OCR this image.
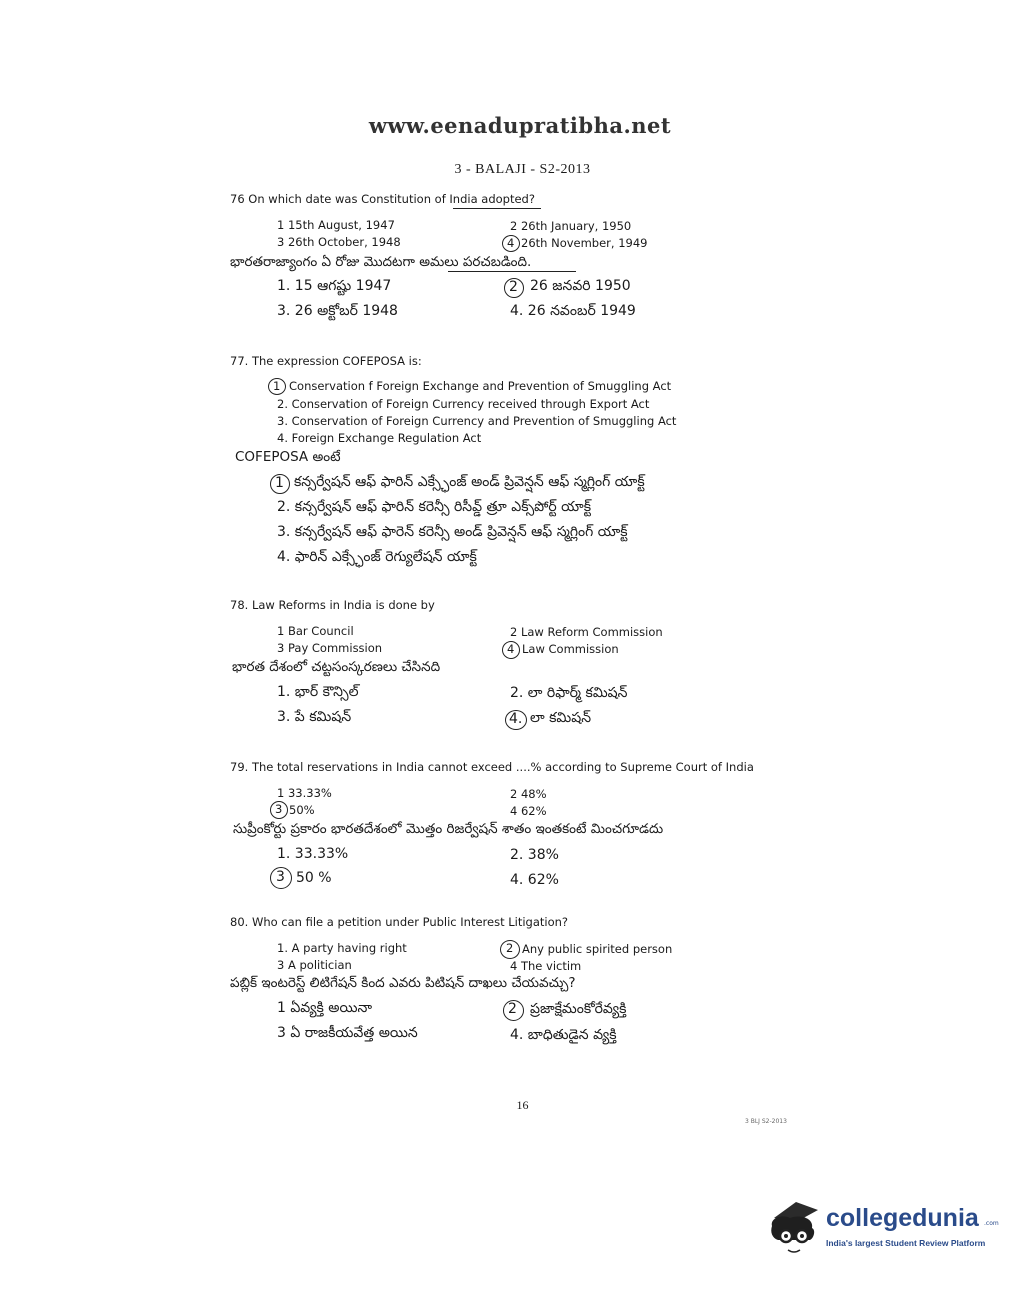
www.eenadupratibha.net
3 - BALAJI - S2-2013
76 On which date was Constitution of India adopted?
1 15th August, 1947	2 26th January, 1950
3 26th October, 1948	4 26th November, 1949
భారతరాజ్యాంగం ఏ రోజు మొదటగా అమలు పరచబడింది.
1. 15 ఆగష్టు 1947	2 26 జనవరి 1950
3. 26 అక్టోబర్ 1948	4. 26 నవంబర్ 1949
77. The expression COFEPOSA is:
1 Conservation f Foreign Exchange and Prevention of Smuggling Act
2. Conservation of Foreign Currency received through Export Act
3. Conservation of Foreign Currency and Prevention of Smuggling Act
4. Foreign Exchange Regulation Act
COFEPOSA అంటే
1 కన్సర్వేషన్ ఆఫ్ ఫారిన్ ఎక్స్ఛేంజ్ అండ్ ప్రివెన్షన్ ఆఫ్ స్మగ్లింగ్ యాక్ట్
2. కన్సర్వేషన్ ఆఫ్ ఫారిన్ కరెన్సీ రిసీవ్డ్ త్రూ ఎక్స్‌పోర్ట్ యాక్ట్
3. కన్సర్వేషన్ ఆఫ్ ఫారెన్ కరెన్సీ అండ్ ప్రివెన్షన్ ఆఫ్ స్మగ్లింగ్ యాక్ట్
4. ఫారిన్ ఎక్స్ఛేంజ్ రెగ్యులేషన్ యాక్ట్
78. Law Reforms in India is done by
1 Bar Council	2 Law Reform Commission
3 Pay Commission	4 Law Commission
భారత దేశంలో చట్టసంస్కరణలు చేసినది
1. భార్ కౌన్సిల్	2. లా రిఫార్మ్ కమిషన్
3. పే కమిషన్	4. లా కమిషన్
79. The total reservations in India cannot exceed ....% according to Supreme Court of India
1 33.33%	2 48%
3 50%	4 62%
సుప్రీంకోర్టు ప్రకారం భారతదేశంలో మొత్తం రిజర్వేషన్ శాతం ఇంతకంటే మించగూడదు
1. 33.33%	2. 38%
3 50 %	4. 62%
80. Who can file a petition under Public Interest Litigation?
1. A party having right	2 Any public spirited person
3 A politician	4 The victim
పబ్లిక్ ఇంటరెస్ట్ లిటిగేషన్ కింద ఎవరు పిటిషన్ దాఖలు చేయవచ్చు?
1 ఏవ్యక్తి అయినా	2 ప్రజాక్షేమంకోరేవ్యక్తి
3 ఏ రాజకీయవేత్త అయిన	4. బాధితుడైన వ్యక్తి
16
3 BLJ S2-2013
collegedunia .com
India's largest Student Review Platform
